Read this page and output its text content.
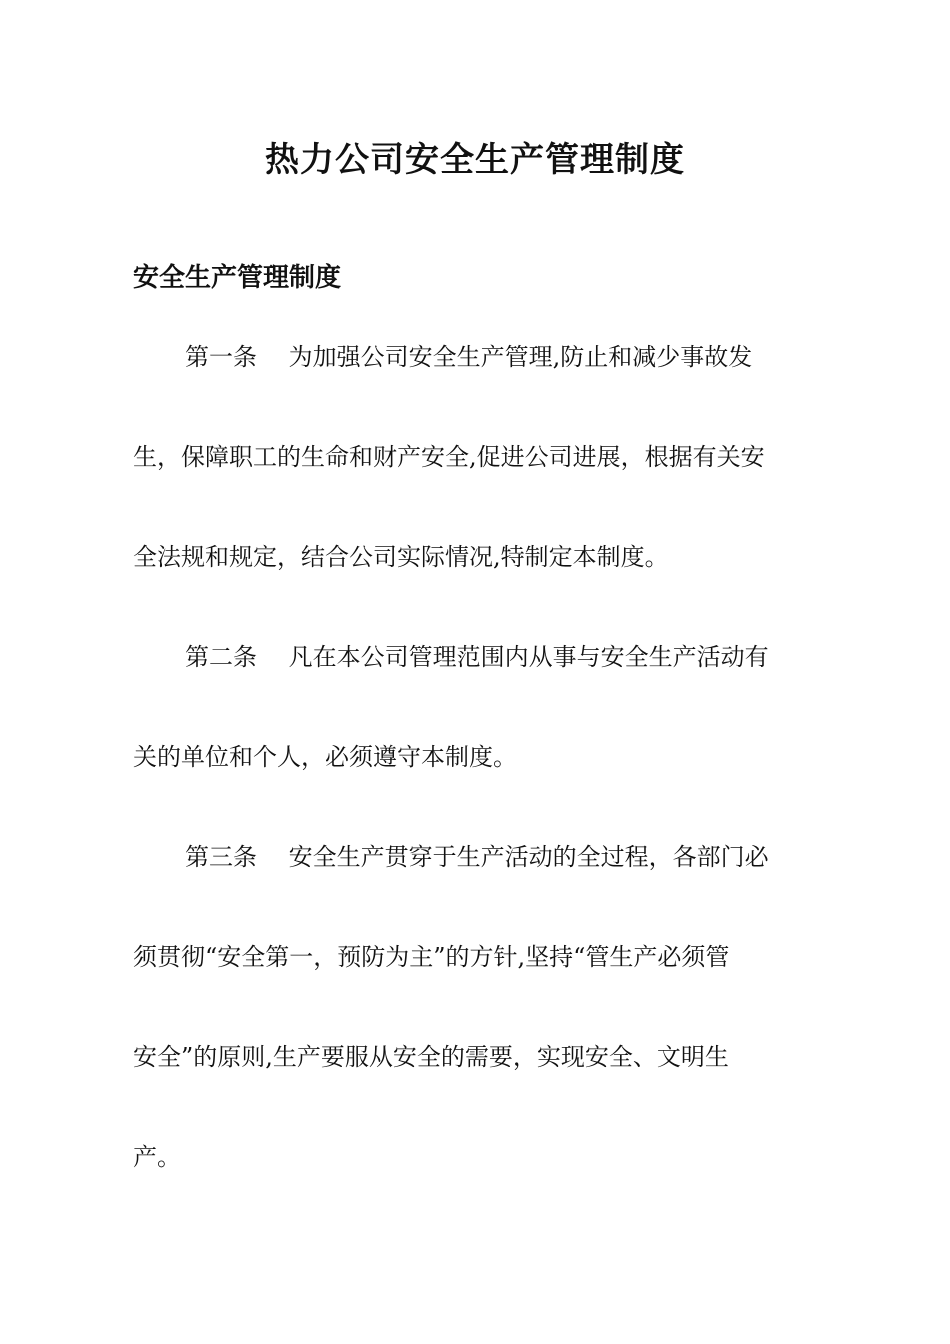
热力公司安全生产管理制度
安全生产管理制度

第一条　 为加强公司安全生产管理,防止和减少事故发

生，保障职工的生命和财产安全,促进公司进展，根据有关安

全法规和规定，结合公司实际情况,特制定本制度。

第二条　 凡在本公司管理范围内从事与安全生产活动有

关的单位和个人，必须遵守本制度。

第三条　 安全生产贯穿于生产活动的全过程，各部门必

须贯彻“安全第一，预防为主”的方针,坚持“管生产必须管

安全”的原则,生产要服从安全的需要，实现安全、文明生

产。
